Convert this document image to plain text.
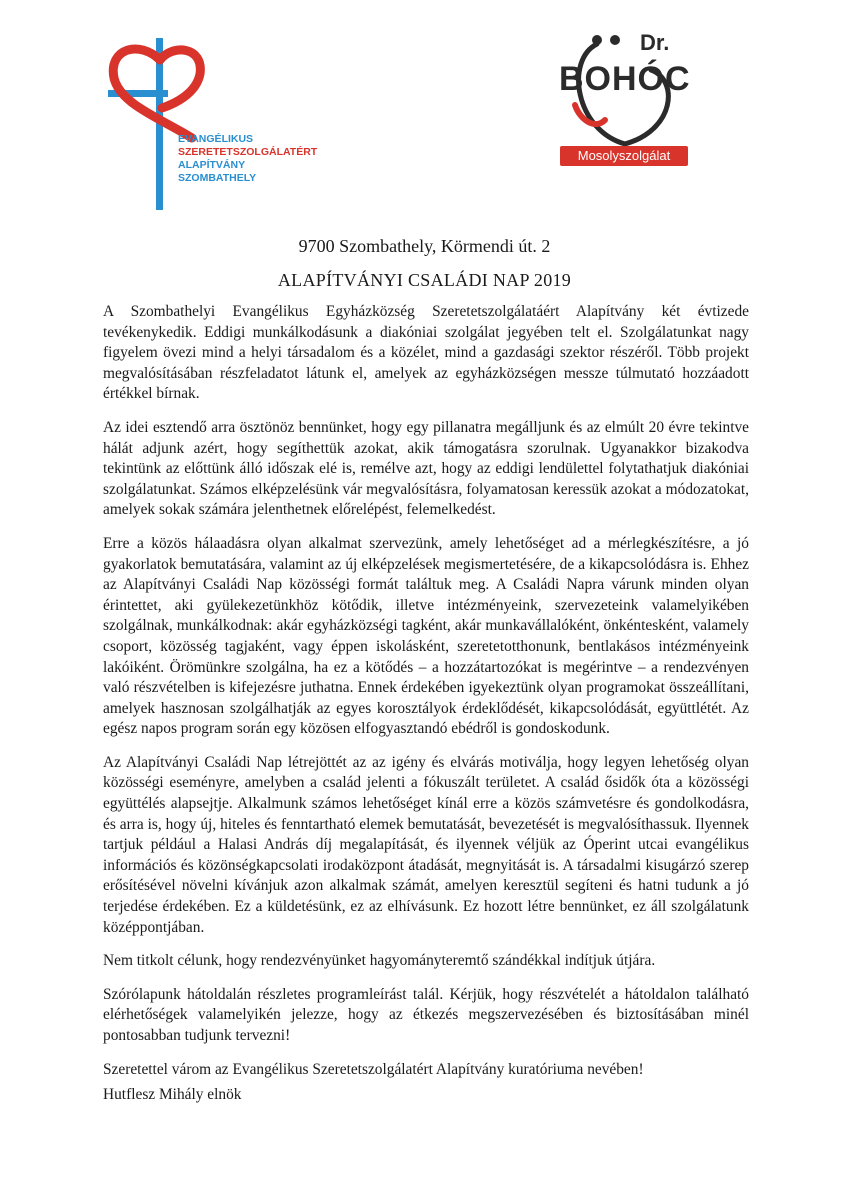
EVANGÉLIKUS
SZERETETSZOLGÁLATÉRT
ALAPÍTVÁNY
SZOMBATHELY
Dr.
BOHÓC
Mosolyszolgálat
9700 Szombathely, Körmendi út. 2
ALAPÍTVÁNYI CSALÁDI NAP 2019

A Szombathelyi Evangélikus Egyházközség Szeretetszolgálatáért Alapítvány két évtizede tevékenykedik. Eddigi munkálkodásunk a diakóniai szolgálat jegyében telt el. Szolgálatunkat nagy figyelem övezi mind a helyi társadalom és a közélet, mind a gazdasági szektor részéről. Több projekt megvalósításában részfeladatot látunk el, amelyek az egyházközségen messze túlmutató hozzáadott értékkel bírnak.

Az idei esztendő arra ösztönöz bennünket, hogy egy pillanatra megálljunk és az elmúlt 20 évre tekintve hálát adjunk azért, hogy segíthettük azokat, akik támogatásra szorulnak. Ugyanakkor bizakodva tekintünk az előttünk álló időszak elé is, remélve azt, hogy az eddigi lendülettel folytathatjuk diakóniai szolgálatunkat. Számos elképzelésünk vár megvalósításra, folyamatosan keressük azokat a módozatokat, amelyek sokak számára jelenthetnek előrelépést, felemelkedést.

Erre a közös hálaadásra olyan alkalmat szervezünk, amely lehetőséget ad a mérlegkészítésre, a jó gyakorlatok bemutatására, valamint az új elképzelések megismertetésére, de a kikapcsolódásra is. Ehhez az Alapítványi Családi Nap közösségi formát találtuk meg. A Családi Napra várunk minden olyan érintettet, aki gyülekezetünkhöz kötődik, illetve intézményeink, szervezeteink valamelyikében szolgálnak, munkálkodnak: akár egyházközségi tagként, akár munkavállalóként, önkéntesként, valamely csoport, közösség tagjaként, vagy éppen iskolásként, szeretetotthonunk, bentlakásos intézményeink lakóiként. Örömünkre szolgálna, ha ez a kötődés – a hozzátartozókat is megérintve – a rendezvényen való részvételben is kifejezésre juthatna. Ennek érdekében igyekeztünk olyan programokat összeállítani, amelyek hasznosan szolgálhatják az egyes korosztályok érdeklődését, kikapcsolódását, együttlétét. Az egész napos program során egy közösen elfogyasztandó ebédről is gondoskodunk.

Az Alapítványi Családi Nap létrejöttét az az igény és elvárás motiválja, hogy legyen lehetőség olyan közösségi eseményre, amelyben a család jelenti a fókuszált területet. A család ősidők óta a közösségi együttélés alapsejtje. Alkalmunk számos lehetőséget kínál erre a közös számvetésre és gondolkodásra, és arra is, hogy új, hiteles és fenntartható elemek bemutatását, bevezetését is megvalósíthassuk. Ilyennek tartjuk például a Halasi András díj megalapítását, és ilyennek véljük az Óperint utcai evangélikus információs és közönségkapcsolati irodaközpont átadását, megnyitását is. A társadalmi kisugárzó szerep erősítésével növelni kívánjuk azon alkalmak számát, amelyen keresztül segíteni és hatni tudunk a jó terjedése érdekében. Ez a küldetésünk, ez az elhívásunk. Ez hozott létre bennünket, ez áll szolgálatunk középpontjában.

Nem titkolt célunk, hogy rendezvényünket hagyományteremtő szándékkal indítjuk útjára.

Szórólapunk hátoldalán részletes programleírást talál. Kérjük, hogy részvételét a hátoldalon található elérhetőségek valamelyikén jelezze, hogy az étkezés megszervezésében és biztosításában minél pontosabban tudjunk tervezni!

Szeretettel várom az Evangélikus Szeretetszolgálatért Alapítvány kuratóriuma nevében!

Hutflesz Mihály elnök
